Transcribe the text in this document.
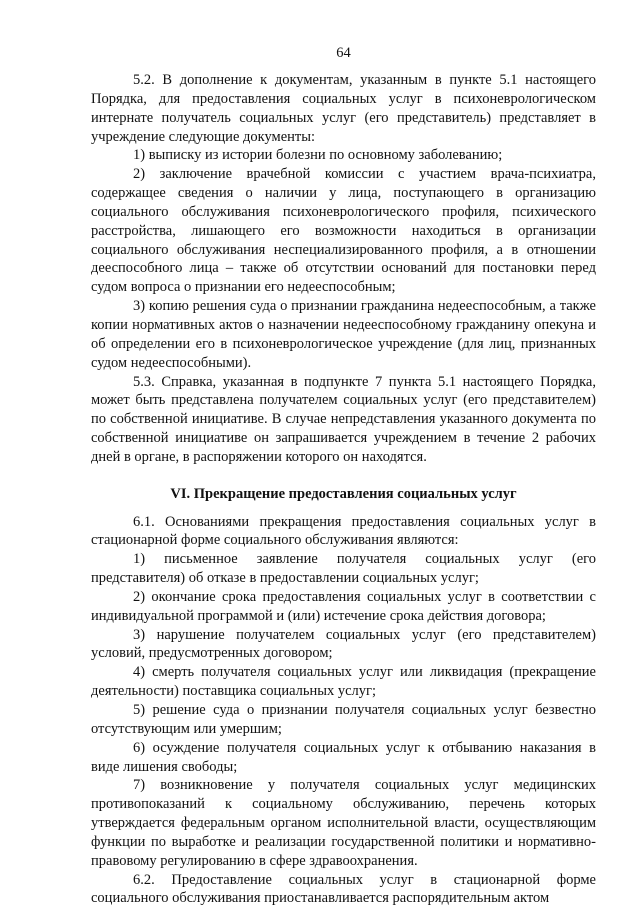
64

5.2. В дополнение к документам, указанным в пункте 5.1 настоящего Порядка, для предоставления социальных услуг в психоневрологическом интернате получатель социальных услуг (его представитель) представляет в учреждение следующие документы:

1) выписку из истории болезни по основному заболеванию;

2) заключение врачебной комиссии с участием врача-психиатра, содержащее сведения о наличии у лица, поступающего в организацию социального обслуживания психоневрологического профиля, психического расстройства, лишающего его возможности находиться в организации социального обслуживания неспециализированного профиля, а в отношении дееспособного лица – также об отсутствии оснований для постановки перед судом вопроса о признании его недееспособным;

3) копию решения суда о признании гражданина недееспособным, а также копии нормативных актов о назначении недееспособному гражданину опекуна и об определении его в психоневрологическое учреждение (для лиц, признанных судом недееспособными).

5.3. Справка, указанная в подпункте 7 пункта 5.1 настоящего Порядка, может быть представлена получателем социальных услуг (его представителем) по собственной инициативе. В случае непредставления указанного документа по собственной инициативе он запрашивается учреждением в течение 2 рабочих дней в органе, в распоряжении которого он находятся.

VI. Прекращение предоставления социальных услуг

6.1. Основаниями прекращения предоставления социальных услуг в стационарной форме социального обслуживания являются:

1) письменное заявление получателя социальных услуг (его представителя) об отказе в предоставлении социальных услуг;

2) окончание срока предоставления социальных услуг в соответствии с индивидуальной программой и (или) истечение срока действия договора;

3) нарушение получателем социальных услуг (его представителем) условий, предусмотренных договором;

4) смерть получателя социальных услуг или ликвидация (прекращение деятельности) поставщика социальных услуг;

5) решение суда о признании получателя социальных услуг безвестно отсутствующим или умершим;

6) осуждение получателя социальных услуг к отбыванию наказания в виде лишения свободы;

7) возникновение у получателя социальных услуг медицинских противопоказаний к социальному обслуживанию, перечень которых утверждается федеральным органом исполнительной власти, осуществляющим функции по выработке и реализации государственной политики и нормативно-правовому регулированию в сфере здравоохранения.

6.2. Предоставление социальных услуг в стационарной форме социального обслуживания приостанавливается распорядительным актом
